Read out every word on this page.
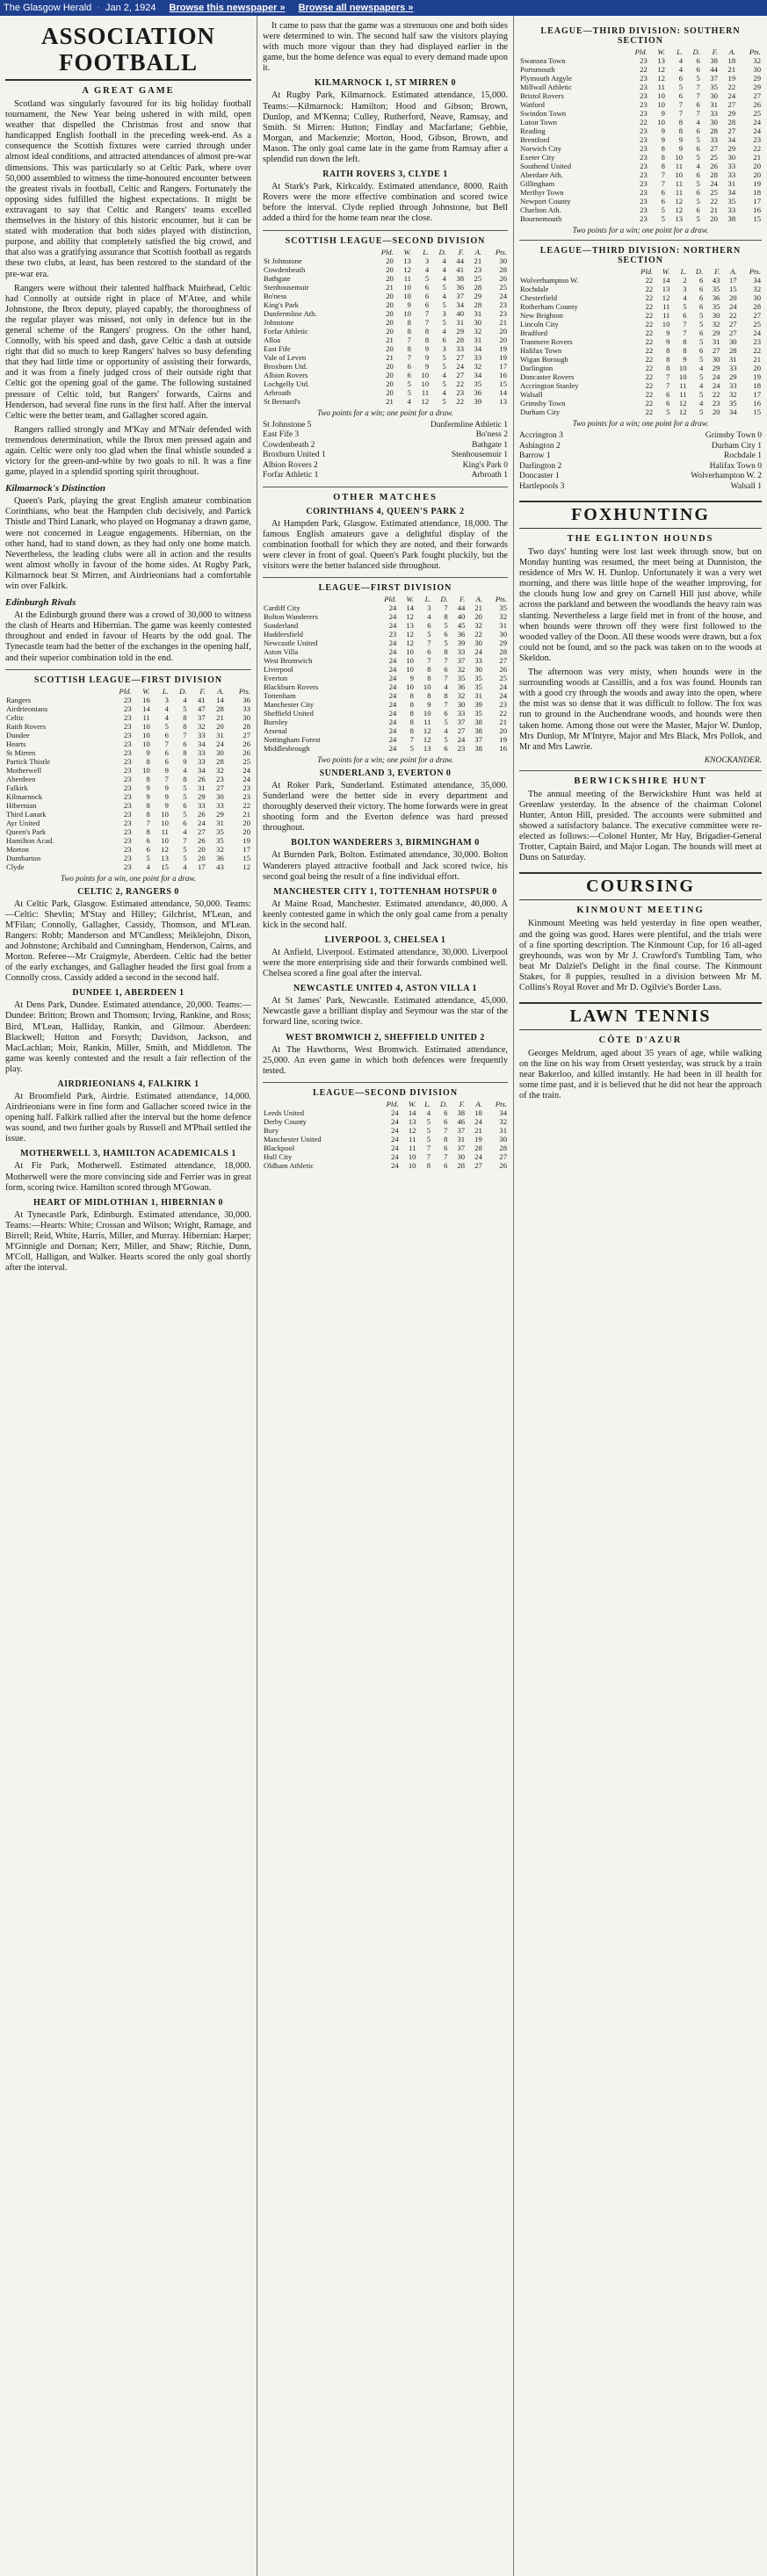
The Glasgow Herald · Jan 2, 1924 Browse this newspaper » Browse all newspapers »
ASSOCIATION FOOTBALL
A GREAT GAME

Scotland was singularly favoured for its big holiday football tournament, the New Year being ushered in with mild, open weather that dispelled the Christmas frost and snow that handicapped English football in the preceding week-end. As a consequence the Scottish fixtures were carried through under almost ideal conditions, and attracted attendances of almost pre-war dimensions. This was particularly so at Celtic Park, where over 50,000 assembled to witness the time-honoured encounter between the greatest rivals in football, Celtic and Rangers. Fortunately the opposing sides fulfilled the highest expectations. It might be extravagant to say that Celtic and Rangers' teams excelled themselves in the history of this historic encounter, but it can be stated with moderation that both sides played with distinction, purpose, and ability that completely satisfied the big crowd, and that also was a gratifying assurance that Scottish football as regards these two clubs, at least, has been restored to the standard of the pre-war era.

Rangers were without their talented halfback Muirhead, Celtic had Connolly at outside right in place of M'Atee, and while Johnstone, the Ibrox deputy, played capably, the thoroughness of the regular player was missed, not only in defence but in the general scheme of the Rangers' progress. On the other hand, Connolly, with his speed and dash, gave Celtic a dash at outside right that did so much to keep Rangers' halves so busy defending that they had little time or opportunity of assisting their forwards, and it was from a finely judged cross of their outside right that Celtic got the opening goal of the game. The following sustained pressure of Celtic told, but Rangers' forwards, Cairns and Henderson, had several fine runs in the first half. After the interval Celtic were the better team, and Gallagher scored again.

Rangers rallied strongly and M'Kay and M'Nair defended with tremendous determination, while the Ibrox men pressed again and again. Celtic were only too glad when the final whistle sounded a victory for the green-and-white by two goals to nil. It was a fine game, played in a splendid sporting spirit throughout.

Kilmarnock's Distinction

Queen's Park, playing the great English amateur combination Corinthians, who beat the Hampden club decisively, and Partick Thistle and Third Lanark, who played on Hogmanay a drawn game, were not concerned in League engagements. Hibernian, on the other hand, had to stand down, as they had only one home match. Nevertheless, the leading clubs were all in action and the results went almost wholly in favour of the home sides. At Rugby Park, Kilmarnock beat St Mirren, and Airdrieonians had a comfortable win over Falkirk.

Edinburgh Rivals

At the Edinburgh ground there was a crowd of 30,000 to witness the clash of Hearts and Hibernian. The game was keenly contested throughout and ended in favour of Hearts by the odd goal. The Tynecastle team had the better of the exchanges in the opening half, and their superior combination told in the end.

SCOTTISH LEAGUE—FIRST DIVISION
	Pld.	W.	L.	D.	F.	A.	Pts.
Rangers	23	16	3	4	41	14	36
Airdrieonians	23	14	4	5	47	28	33
Celtic	23	11	4	8	37	21	30
Raith Rovers	23	10	5	8	32	20	28
Dundee	23	10	6	7	33	31	27
Hearts	23	10	7	6	34	24	26
St Mirren	23	9	6	8	33	30	26
Partick Thistle	23	8	6	9	33	28	25
Motherwell	23	10	9	4	34	32	24
Aberdeen	23	8	7	8	26	23	24
Falkirk	23	9	9	5	31	27	23
Kilmarnock	23	9	9	5	29	30	23
Hibernian	23	8	9	6	33	33	22
Third Lanark	23	8	10	5	26	29	21
Ayr United	23	7	10	6	24	31	20
Queen's Park	23	8	11	4	27	35	20
Hamilton Acad.	23	6	10	7	26	35	19
Morton	23	6	12	5	20	32	17
Dumbarton	23	5	13	5	20	36	15
Clyde	23	4	15	4	17	43	12
Two points for a win, one point for a draw.
CELTIC 2, RANGERS 0

At Celtic Park, Glasgow. Estimated attendance, 50,000. Teams:—Celtic: Shevlin; M'Stay and Hilley; Gilchrist, M'Lean, and M'Filan; Connolly, Gallagher, Cassidy, Thomson, and M'Lean. Rangers: Robb; Manderson and M'Candless; Meiklejohn, Dixon, and Johnstone; Archibald and Cunningham, Henderson, Cairns, and Morton. Referee—Mr Craigmyle, Aberdeen. Celtic had the better of the early exchanges, and Gallagher headed the first goal from a Connolly cross. Cassidy added a second in the second half.

DUNDEE 1, ABERDEEN 1

At Dens Park, Dundee. Estimated attendance, 20,000. Teams:—Dundee: Britton; Brown and Thomson; Irving, Rankine, and Ross; Bird, M'Lean, Halliday, Rankin, and Gilmour. Aberdeen: Blackwell; Hutton and Forsyth; Davidson, Jackson, and MacLachlan; Moir, Rankin, Miller, Smith, and Middleton. The game was keenly contested and the result a fair reflection of the play.

AIRDRIEONIANS 4, FALKIRK 1

At Broomfield Park, Airdrie. Estimated attendance, 14,000. Airdrieonians were in fine form and Gallacher scored twice in the opening half. Falkirk rallied after the interval but the home defence was sound, and two further goals by Russell and M'Phail settled the issue.

MOTHERWELL 3, HAMILTON ACADEMICALS 1

At Fir Park, Motherwell. Estimated attendance, 18,000. Motherwell were the more convincing side and Ferrier was in great form, scoring twice. Hamilton scored through M'Gowan.

HEART OF MIDLOTHIAN 1, HIBERNIAN 0

At Tynecastle Park, Edinburgh. Estimated attendance, 30,000. Teams:—Hearts: White; Crossan and Wilson; Wright, Ramage, and Birrell; Reid, White, Harris, Miller, and Murray. Hibernian: Harper; M'Ginnigle and Dornan; Kerr, Miller, and Shaw; Ritchie, Dunn, M'Coll, Halligan, and Walker. Hearts scored the only goal shortly after the interval.

It came to pass that the game was a strenuous one and both sides were determined to win. The second half saw the visitors playing with much more vigour than they had displayed earlier in the game, but the home defence was equal to every demand made upon it.

KILMARNOCK 1, ST MIRREN 0

At Rugby Park, Kilmarnock. Estimated attendance, 15,000. Teams:—Kilmarnock: Hamilton; Hood and Gibson; Brown, Dunlop, and M'Kenna; Culley, Rutherford, Neave, Ramsay, and Smith. St Mirren: Hutton; Findlay and Macfarlane; Gebbie, Morgan, and Mackenzie; Morton, Hood, Gibson, Brown, and Mason. The only goal came late in the game from Ramsay after a splendid run down the left.

RAITH ROVERS 3, CLYDE 1

At Stark's Park, Kirkcaldy. Estimated attendance, 8000. Raith Rovers were the more effective combination and scored twice before the interval. Clyde replied through Johnstone, but Bell added a third for the home team near the close.

SCOTTISH LEAGUE—SECOND DIVISION
	Pld.	W.	L.	D.	F.	A.	Pts.
St Johnstone	20	13	3	4	44	21	30
Cowdenbeath	20	12	4	4	41	23	28
Bathgate	20	11	5	4	38	25	26
Stenhousemuir	21	10	6	5	36	28	25
Bo'ness	20	10	6	4	37	29	24
King's Park	20	9	6	5	34	28	23
Dunfermline Ath.	20	10	7	3	40	31	23
Johnstone	20	8	7	5	31	30	21
Forfar Athletic	20	8	8	4	29	32	20
Alloa	21	7	8	6	28	31	20
East Fife	20	8	9	3	33	34	19
Vale of Leven	21	7	9	5	27	33	19
Broxburn Utd.	20	6	9	5	24	32	17
Albion Rovers	20	6	10	4	27	34	16
Lochgelly Utd.	20	5	10	5	22	35	15
Arbroath	20	5	11	4	23	36	14
St Bernard's	21	4	12	5	22	39	13
Two points for a win; one point for a draw.
St Johnstone 5	Dunfermline Athletic 1
East Fife 3	Bo'ness 2
Cowdenbeath 2	Bathgate 1
Broxburn United 1	Stenhousemuir 1
Albion Rovers 2	King's Park 0
Forfar Athletic 1	Arbroath 1
OTHER MATCHES
CORINTHIANS 4, QUEEN'S PARK 2

At Hampden Park, Glasgow. Estimated attendance, 18,000. The famous English amateurs gave a delightful display of the combination football for which they are noted, and their forwards were clever in front of goal. Queen's Park fought pluckily, but the visitors were the better balanced side throughout.

LEAGUE—FIRST DIVISION
	Pld.	W.	L.	D.	F.	A.	Pts.
Cardiff City	24	14	3	7	44	21	35
Bolton Wanderers	24	12	4	8	40	20	32
Sunderland	24	13	6	5	45	32	31
Huddersfield	23	12	5	6	36	22	30
Newcastle United	24	12	7	5	39	30	29
Aston Villa	24	10	6	8	33	24	28
West Bromwich	24	10	7	7	37	33	27
Liverpool	24	10	8	6	32	30	26
Everton	24	9	8	7	35	35	25
Blackburn Rovers	24	10	10	4	36	35	24
Tottenham	24	8	8	8	32	31	24
Manchester City	24	8	9	7	30	39	23
Sheffield United	24	8	10	6	33	35	22
Burnley	24	8	11	5	37	38	21
Arsenal	24	8	12	4	27	38	20
Nottingham Forest	24	7	12	5	24	37	19
Middlesbrough	24	5	13	6	23	38	16
Two points for a win; one point for a draw.
SUNDERLAND 3, EVERTON 0

At Roker Park, Sunderland. Estimated attendance, 35,000. Sunderland were the better side in every department and thoroughly deserved their victory. The home forwards were in great shooting form and the Everton defence was hard pressed throughout.

BOLTON WANDERERS 3, BIRMINGHAM 0

At Burnden Park, Bolton. Estimated attendance, 30,000. Bolton Wanderers played attractive football and Jack scored twice, his second goal being the result of a fine individual effort.

MANCHESTER CITY 1, TOTTENHAM HOTSPUR 0

At Maine Road, Manchester. Estimated attendance, 40,000. A keenly contested game in which the only goal came from a penalty kick in the second half.

LIVERPOOL 3, CHELSEA 1

At Anfield, Liverpool. Estimated attendance, 30,000. Liverpool were the more enterprising side and their forwards combined well. Chelsea scored a fine goal after the interval.

NEWCASTLE UNITED 4, ASTON VILLA 1

At St James' Park, Newcastle. Estimated attendance, 45,000. Newcastle gave a brilliant display and Seymour was the star of the forward line, scoring twice.

WEST BROMWICH 2, SHEFFIELD UNITED 2

At The Hawthorns, West Bromwich. Estimated attendance, 25,000. An even game in which both defences were frequently tested.

LEAGUE—SECOND DIVISION
	Pld.	W.	L.	D.	F.	A.	Pts.
Leeds United	24	14	4	6	38	18	34
Derby County	24	13	5	6	46	24	32
Bury	24	12	5	7	37	21	31
Manchester United	24	11	5	8	31	19	30
Blackpool	24	11	7	6	37	28	28
Hull City	24	10	7	7	30	24	27
Oldham Athletic	24	10	8	6	28	27	26
LEAGUE—THIRD DIVISION: SOUTHERN SECTION
	Pld.	W.	L.	D.	F.	A.	Pts.
Swansea Town	23	13	4	6	38	18	32
Portsmouth	22	12	4	6	44	21	30
Plymouth Argyle	23	12	6	5	37	19	29
Millwall Athletic	23	11	5	7	35	22	29
Bristol Rovers	23	10	6	7	30	24	27
Watford	23	10	7	6	31	27	26
Swindon Town	23	9	7	7	33	29	25
Luton Town	22	10	8	4	30	28	24
Reading	23	9	8	6	28	27	24
Brentford	23	9	9	5	33	34	23
Norwich City	23	8	9	6	27	29	22
Exeter City	23	8	10	5	25	30	21
Southend United	23	8	11	4	26	33	20
Aberdare Ath.	23	7	10	6	28	33	20
Gillingham	23	7	11	5	24	31	19
Merthyr Town	23	6	11	6	25	34	18
Newport County	23	6	12	5	22	35	17
Charlton Ath.	23	5	12	6	21	33	16
Bournemouth	23	5	13	5	20	38	15
Two points for a win; one point for a draw.
LEAGUE—THIRD DIVISION: NORTHERN SECTION
	Pld.	W.	L.	D.	F.	A.	Pts.
Wolverhampton W.	22	14	2	6	43	17	34
Rochdale	22	13	3	6	35	15	32
Chesterfield	22	12	4	6	36	20	30
Rotherham County	22	11	5	6	35	24	28
New Brighton	22	11	6	5	30	22	27
Lincoln City	22	10	7	5	32	27	25
Bradford	22	9	7	6	29	27	24
Tranmere Rovers	22	9	8	5	31	30	23
Halifax Town	22	8	8	6	27	28	22
Wigan Borough	22	8	9	5	30	31	21
Darlington	22	8	10	4	29	33	20
Doncaster Rovers	22	7	10	5	24	29	19
Accrington Stanley	22	7	11	4	24	33	18
Walsall	22	6	11	5	22	32	17
Grimsby Town	22	6	12	4	23	35	16
Durham City	22	5	12	5	20	34	15
Two points for a win; one point for a draw.
Accrington 3	Grimsby Town 0
Ashington 2	Durham City 1
Barrow 1	Rochdale 1
Darlington 2	Halifax Town 0
Doncaster 1	Wolverhampton W. 2
Hartlepools 3	Walsall 1
FOXHUNTING
THE EGLINTON HOUNDS

Two days' hunting were lost last week through snow, but on Monday hunting was resumed, the meet being at Dunniston, the residence of Mrs W. H. Dunlop. Unfortunately it was a very wet morning, and there was little hope of the weather improving, for the clouds hung low and grey on Carnell Hill just above, while across the parkland and between the woodlands the heavy rain was slanting. Nevertheless a large field met in front of the house, and when hounds were thrown off they were first followed to the wooded valley of the Doon. All these woods were drawn, but a fox could not be found, and so the pack was taken on to the woods at Skeldon.

The afternoon was very misty, when hounds were in the surrounding woods at Cassillis, and a fox was found. Hounds ran with a good cry through the woods and away into the open, where the mist was so dense that it was difficult to follow. The fox was run to ground in the Auchendrane woods, and hounds were then taken home. Among those out were the Master, Major W. Dunlop, Mrs Dunlop, Mr M'Intyre, Major and Mrs Black, Mrs Pollok, and Mr and Mrs Lawrie.

KNOCKANDER.
BERWICKSHIRE HUNT

The annual meeting of the Berwickshire Hunt was held at Greenlaw yesterday. In the absence of the chairman Colonel Hunter, Anton Hill, presided. The accounts were submitted and showed a satisfactory balance. The executive committee were re-elected as follows:—Colonel Hunter, Mr Hay, Brigadier-General Trotter, Captain Baird, and Major Logan. The hounds will meet at Duns on Saturday.

COURSING
KINMOUNT MEETING

Kinmount Meeting was held yesterday in fine open weather, and the going was good. Hares were plentiful, and the trials were of a fine sporting description. The Kinmount Cup, for 16 all-aged greyhounds, was won by Mr J. Crawford's Tumbling Tam, who beat Mr Dalziel's Delight in the final course. The Kinmount Stakes, for 8 puppies, resulted in a division between Mr M. Collins's Royal Rover and Mr D. Ogilvie's Border Lass.

LAWN TENNIS
CÔTE D'AZUR

Georges Meldrum, aged about 35 years of age, while walking on the line on his way from Orsett yesterday, was struck by a train near Bakerloo, and killed instantly. He had been in ill health for some time past, and it is believed that he did not hear the approach of the train.
